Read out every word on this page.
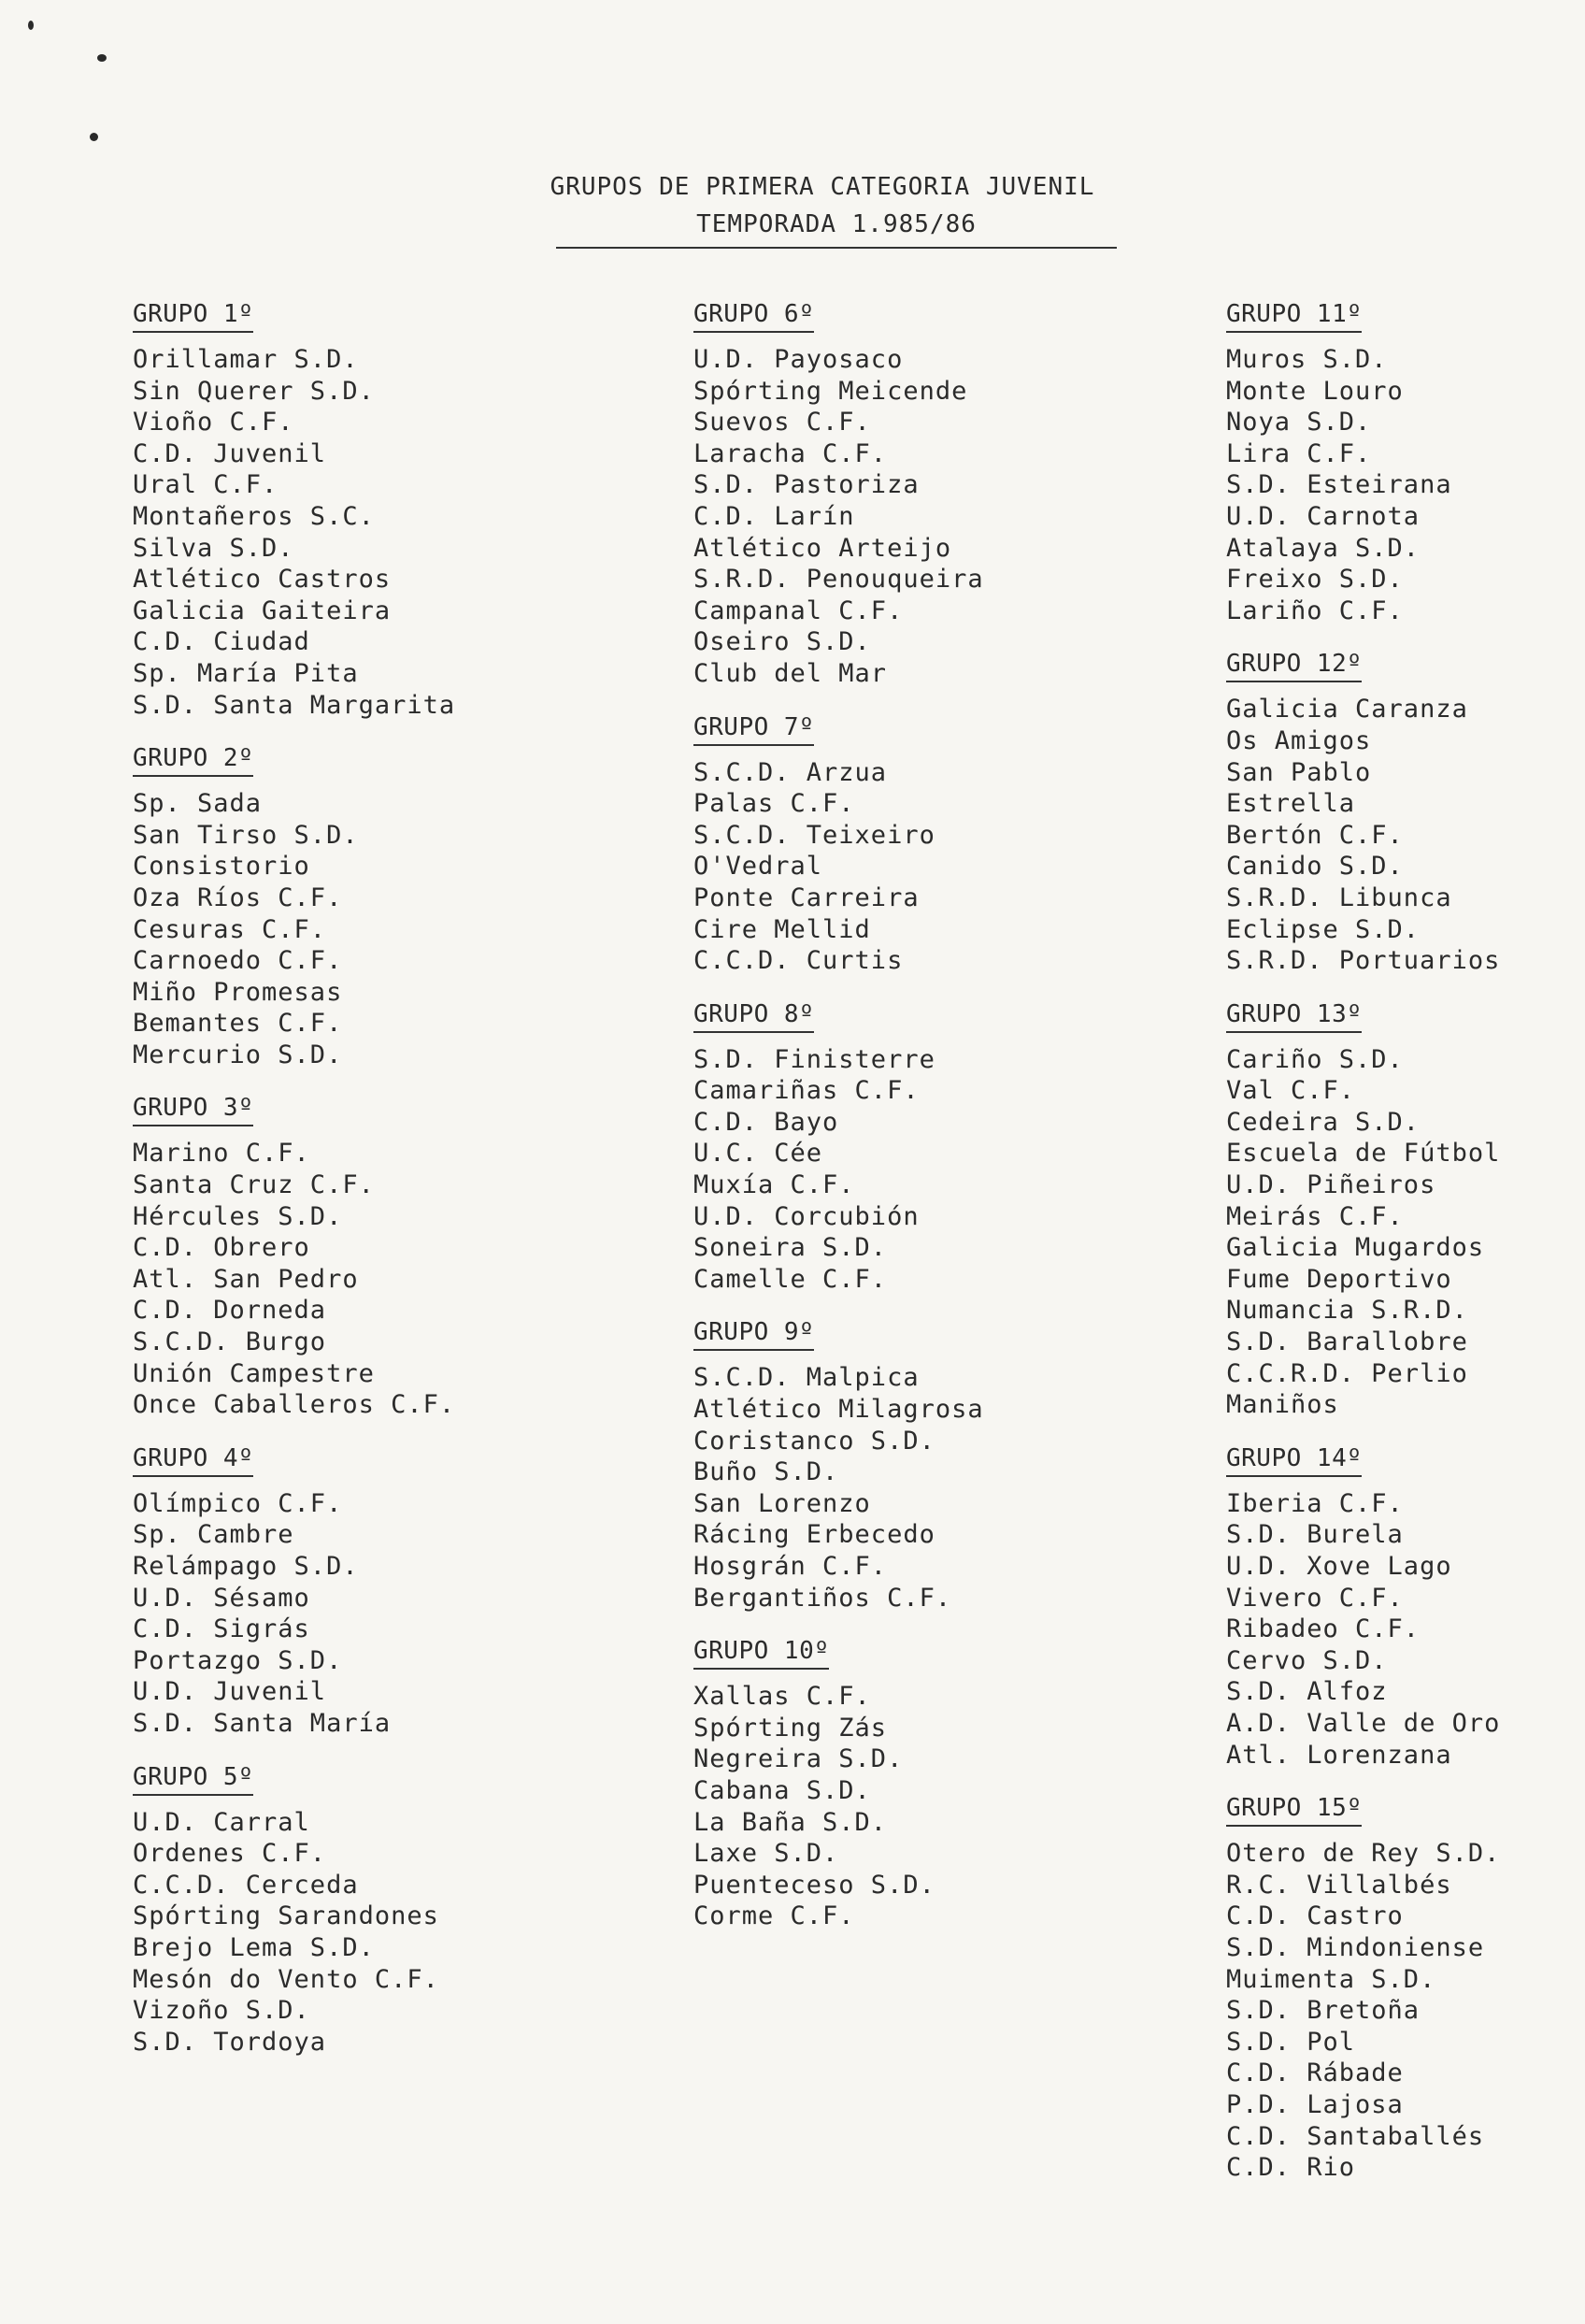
GRUPOS DE PRIMERA CATEGORIA JUVENIL
TEMPORADA 1.985/86
GRUPO 1º
Orillamar S.D.
Sin Querer S.D.
Vioño C.F.
C.D. Juvenil
Ural C.F.
Montañeros S.C.
Silva S.D.
Atlético Castros
Galicia Gaiteira
C.D. Ciudad
Sp. María Pita
S.D. Santa Margarita
GRUPO 2º
Sp. Sada
San Tirso S.D.
Consistorio
Oza Ríos C.F.
Cesuras C.F.
Carnoedo C.F.
Miño Promesas
Bemantes C.F.
Mercurio S.D.
GRUPO 3º
Marino C.F.
Santa Cruz C.F.
Hércules S.D.
C.D. Obrero
Atl. San Pedro
C.D. Dorneda
S.C.D. Burgo
Unión Campestre
Once Caballeros C.F.
GRUPO 4º
Olímpico C.F.
Sp. Cambre
Relámpago S.D.
U.D. Sésamo
C.D. Sigrás
Portazgo S.D.
U.D. Juvenil
S.D. Santa María
GRUPO 5º
U.D. Carral
Ordenes C.F.
C.C.D. Cerceda
Spórting Sarandones
Brejo Lema S.D.
Mesón do Vento C.F.
Vizoño S.D.
S.D. Tordoya
GRUPO 6º
U.D. Payosaco
Spórting Meicende
Suevos C.F.
Laracha C.F.
S.D. Pastoriza
C.D. Larín
Atlético Arteijo
S.R.D. Penouqueira
Campanal C.F.
Oseiro S.D.
Club del Mar
GRUPO 7º
S.C.D. Arzua
Palas C.F.
S.C.D. Teixeiro
O'Vedral
Ponte Carreira
Cire Mellid
C.C.D. Curtis
GRUPO 8º
S.D. Finisterre
Camariñas C.F.
C.D. Bayo
U.C. Cée
Muxía C.F.
U.D. Corcubión
Soneira S.D.
Camelle C.F.
GRUPO 9º
S.C.D. Malpica
Atlético Milagrosa
Coristanco S.D.
Buño S.D.
San Lorenzo
Rácing Erbecedo
Hosgrán C.F.
Bergantiños C.F.
GRUPO 10º
Xallas C.F.
Spórting Zás
Negreira S.D.
Cabana S.D.
La Baña S.D.
Laxe S.D.
Puenteceso S.D.
Corme C.F.
GRUPO 11º
Muros S.D.
Monte Louro
Noya S.D.
Lira C.F.
S.D. Esteirana
U.D. Carnota
Atalaya S.D.
Freixo S.D.
Lariño C.F.
GRUPO 12º
Galicia Caranza
Os Amigos
San Pablo
Estrella
Bertón C.F.
Canido S.D.
S.R.D. Libunca
Eclipse S.D.
S.R.D. Portuarios
GRUPO 13º
Cariño S.D.
Val C.F.
Cedeira S.D.
Escuela de Fútbol
U.D. Piñeiros
Meirás C.F.
Galicia Mugardos
Fume Deportivo
Numancia S.R.D.
S.D. Barallobre
C.C.R.D. Perlio
Maniños
GRUPO 14º
Iberia C.F.
S.D. Burela
U.D. Xove Lago
Vivero C.F.
Ribadeo C.F.
Cervo S.D.
S.D. Alfoz
A.D. Valle de Oro
Atl. Lorenzana
GRUPO 15º
Otero de Rey S.D.
R.C. Villalbés
C.D. Castro
S.D. Mindoniense
Muimenta S.D.
S.D. Bretoña
S.D. Pol
C.D. Rábade
P.D. Lajosa
C.D. Santaballés
C.D. Rio
